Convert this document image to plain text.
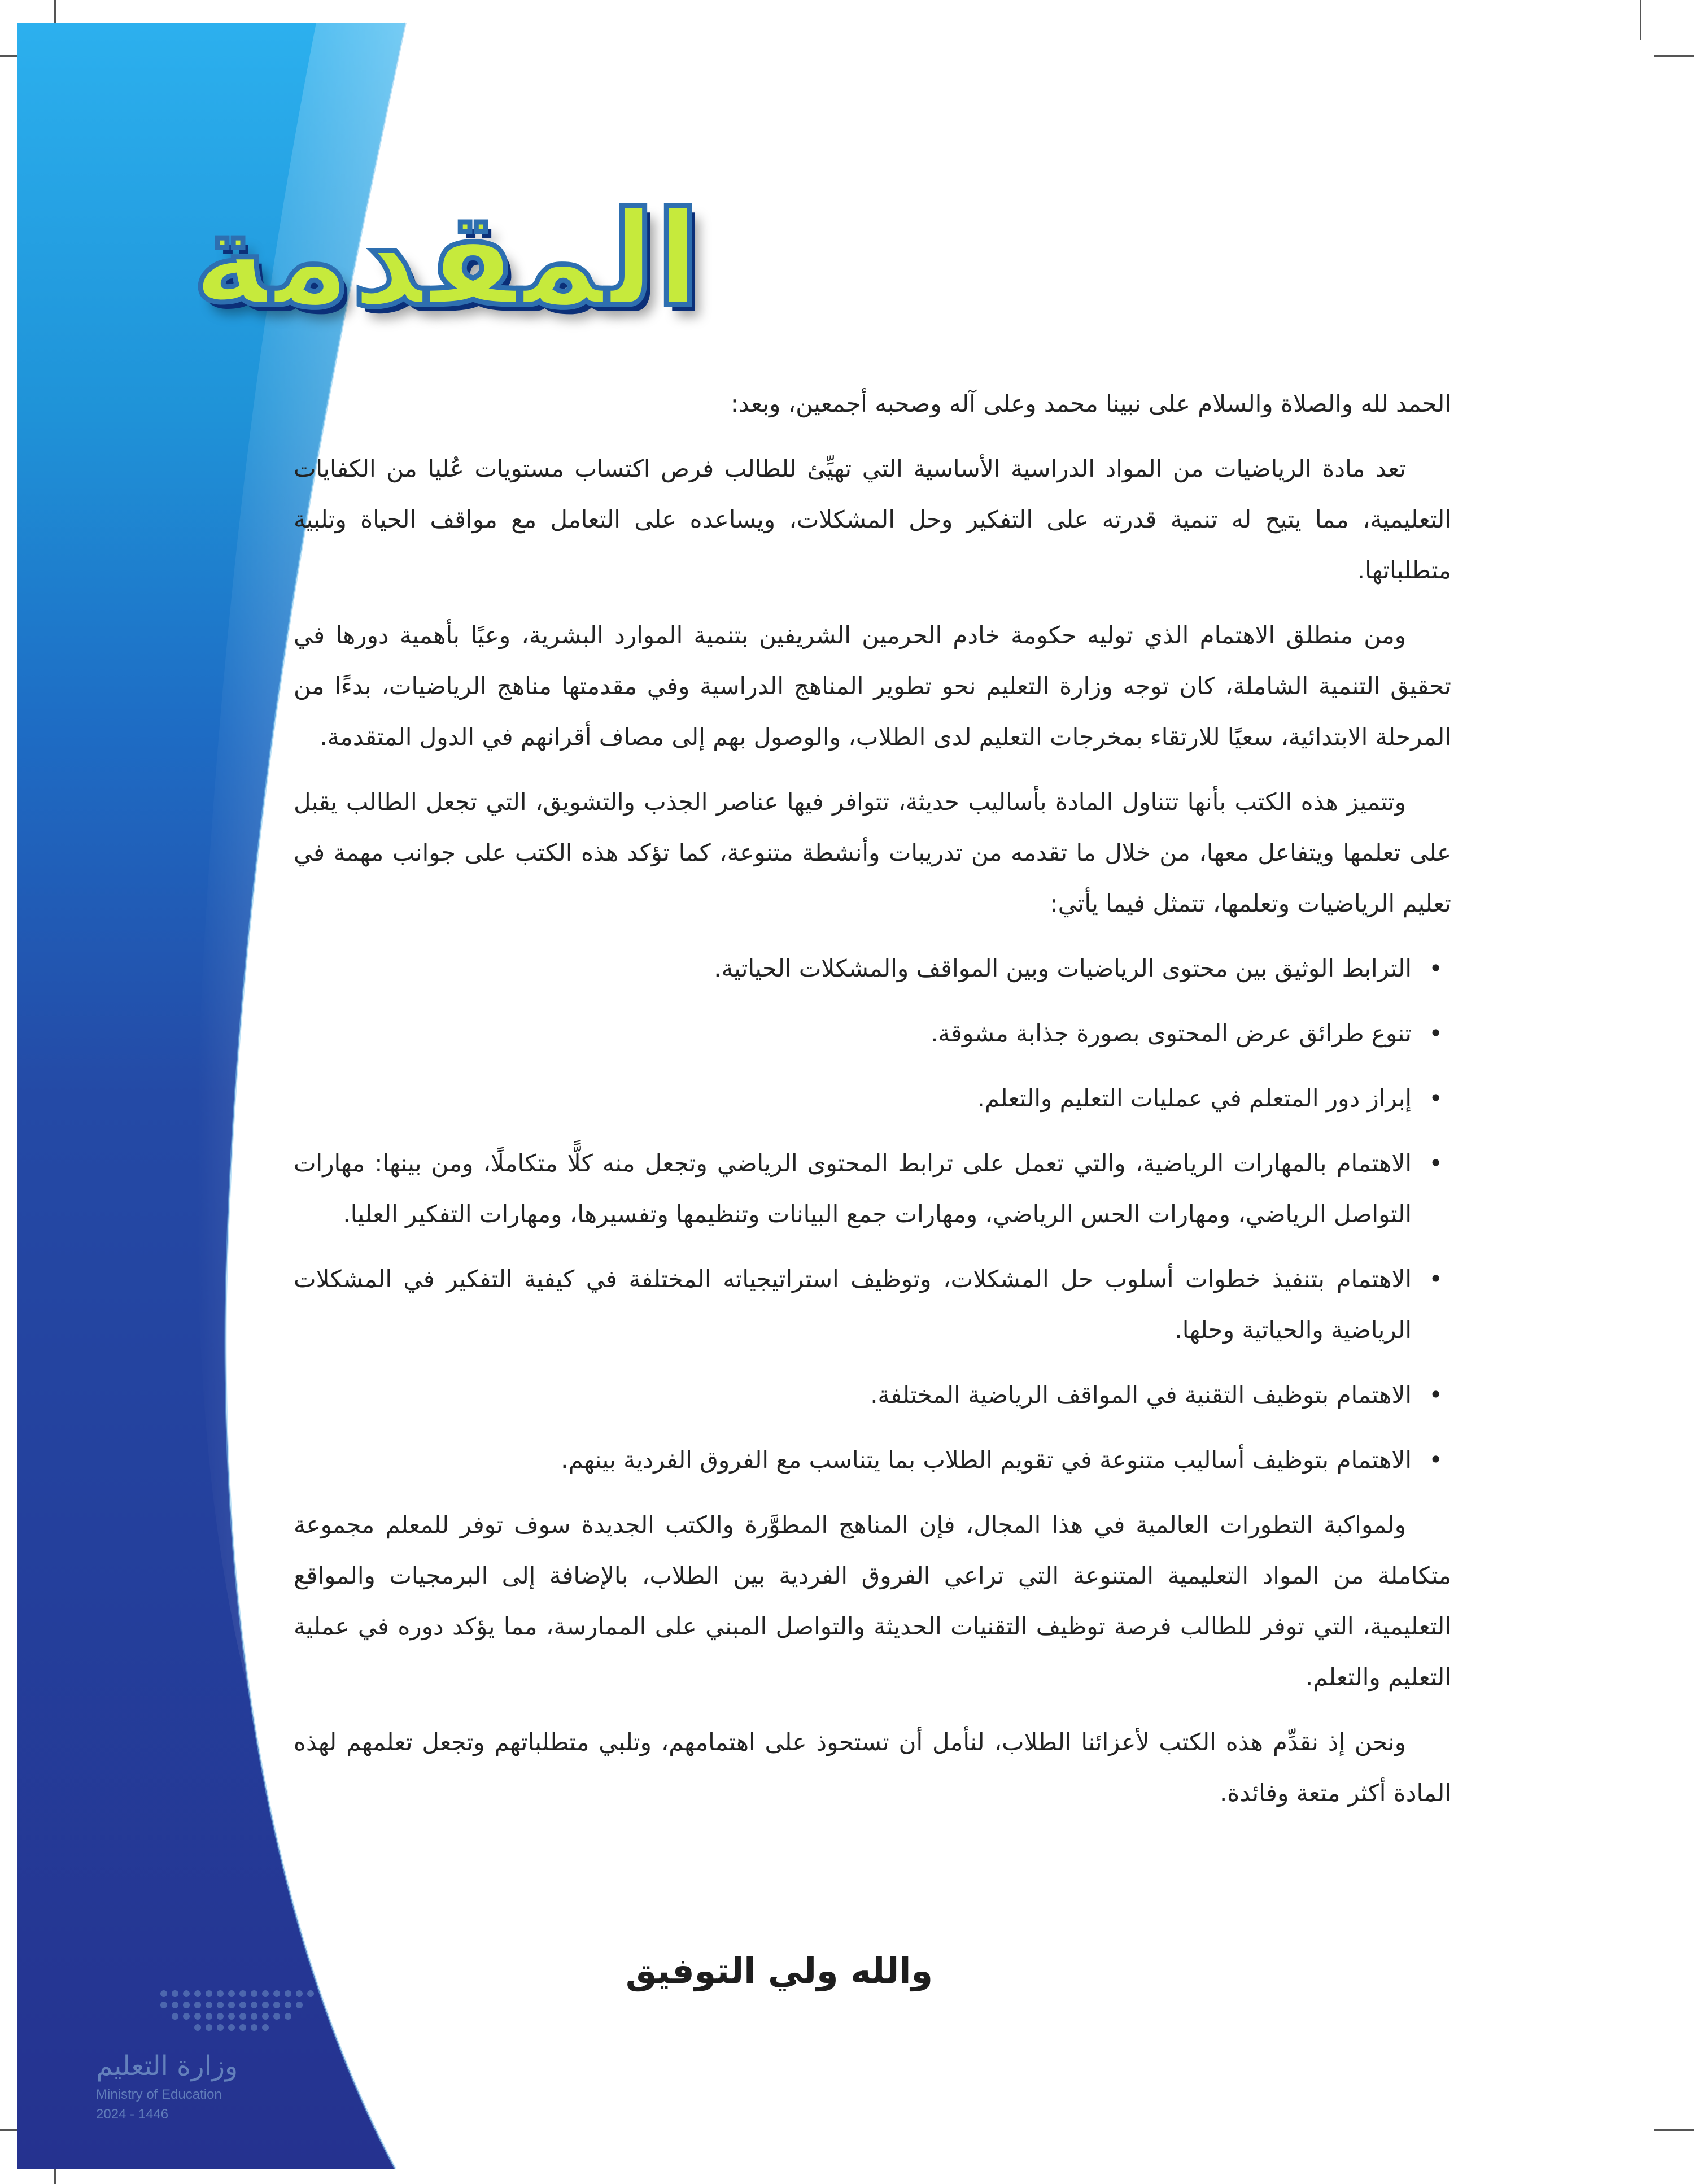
المقدمة

الحمد لله والصلاة والسلام على نبينا محمد وعلى آله وصحبه أجمعين، وبعد:

تعد مادة الرياضيات من المواد الدراسية الأساسية التي تهيِّئ للطالب فرص اكتساب مستويات عُليا من الكفايات التعليمية، مما يتيح له تنمية قدرته على التفكير وحل المشكلات، ويساعده على التعامل مع مواقف الحياة وتلبية متطلباتها.

ومن منطلق الاهتمام الذي توليه حكومة خادم الحرمين الشريفين بتنمية الموارد البشرية، وعيًا بأهمية دورها في تحقيق التنمية الشاملة، كان توجه وزارة التعليم نحو تطوير المناهج الدراسية وفي مقدمتها مناهج الرياضيات، بدءًا من المرحلة الابتدائية، سعيًا للارتقاء بمخرجات التعليم لدى الطلاب، والوصول بهم إلى مصاف أقرانهم في الدول المتقدمة.

وتتميز هذه الكتب بأنها تتناول المادة بأساليب حديثة، تتوافر فيها عناصر الجذب والتشويق، التي تجعل الطالب يقبل على تعلمها ويتفاعل معها، من خلال ما تقدمه من تدريبات وأنشطة متنوعة، كما تؤكد هذه الكتب على جوانب مهمة في تعليم الرياضيات وتعلمها، تتمثل فيما يأتي:

•
الترابط الوثيق بين محتوى الرياضيات وبين المواقف والمشكلات الحياتية.
•
تنوع طرائق عرض المحتوى بصورة جذابة مشوقة.
•
إبراز دور المتعلم في عمليات التعليم والتعلم.
•
الاهتمام بالمهارات الرياضية، والتي تعمل على ترابط المحتوى الرياضي وتجعل منه كلًّا متكاملًا، ومن بينها: مهارات التواصل الرياضي، ومهارات الحس الرياضي، ومهارات جمع البيانات وتنظيمها وتفسيرها، ومهارات التفكير العليا.
•
الاهتمام بتنفيذ خطوات أسلوب حل المشكلات، وتوظيف استراتيجياته المختلفة في كيفية التفكير في المشكلات الرياضية والحياتية وحلها.
•
الاهتمام بتوظيف التقنية في المواقف الرياضية المختلفة.
•
الاهتمام بتوظيف أساليب متنوعة في تقويم الطلاب بما يتناسب مع الفروق الفردية بينهم.

ولمواكبة التطورات العالمية في هذا المجال، فإن المناهج المطوَّرة والكتب الجديدة سوف توفر للمعلم مجموعة متكاملة من المواد التعليمية المتنوعة التي تراعي الفروق الفردية بين الطلاب، بالإضافة إلى البرمجيات والمواقع التعليمية، التي توفر للطالب فرصة توظيف التقنيات الحديثة والتواصل المبني على الممارسة، مما يؤكد دوره في عملية التعليم والتعلم.

ونحن إذ نقدِّم هذه الكتب لأعزائنا الطلاب، لنأمل أن تستحوذ على اهتمامهم، وتلبي متطلباتهم وتجعل تعلمهم لهذه المادة أكثر متعة وفائدة.

والله ولي التوفيق
وزارة التعليم
Ministry of Education
2024 - 1446
